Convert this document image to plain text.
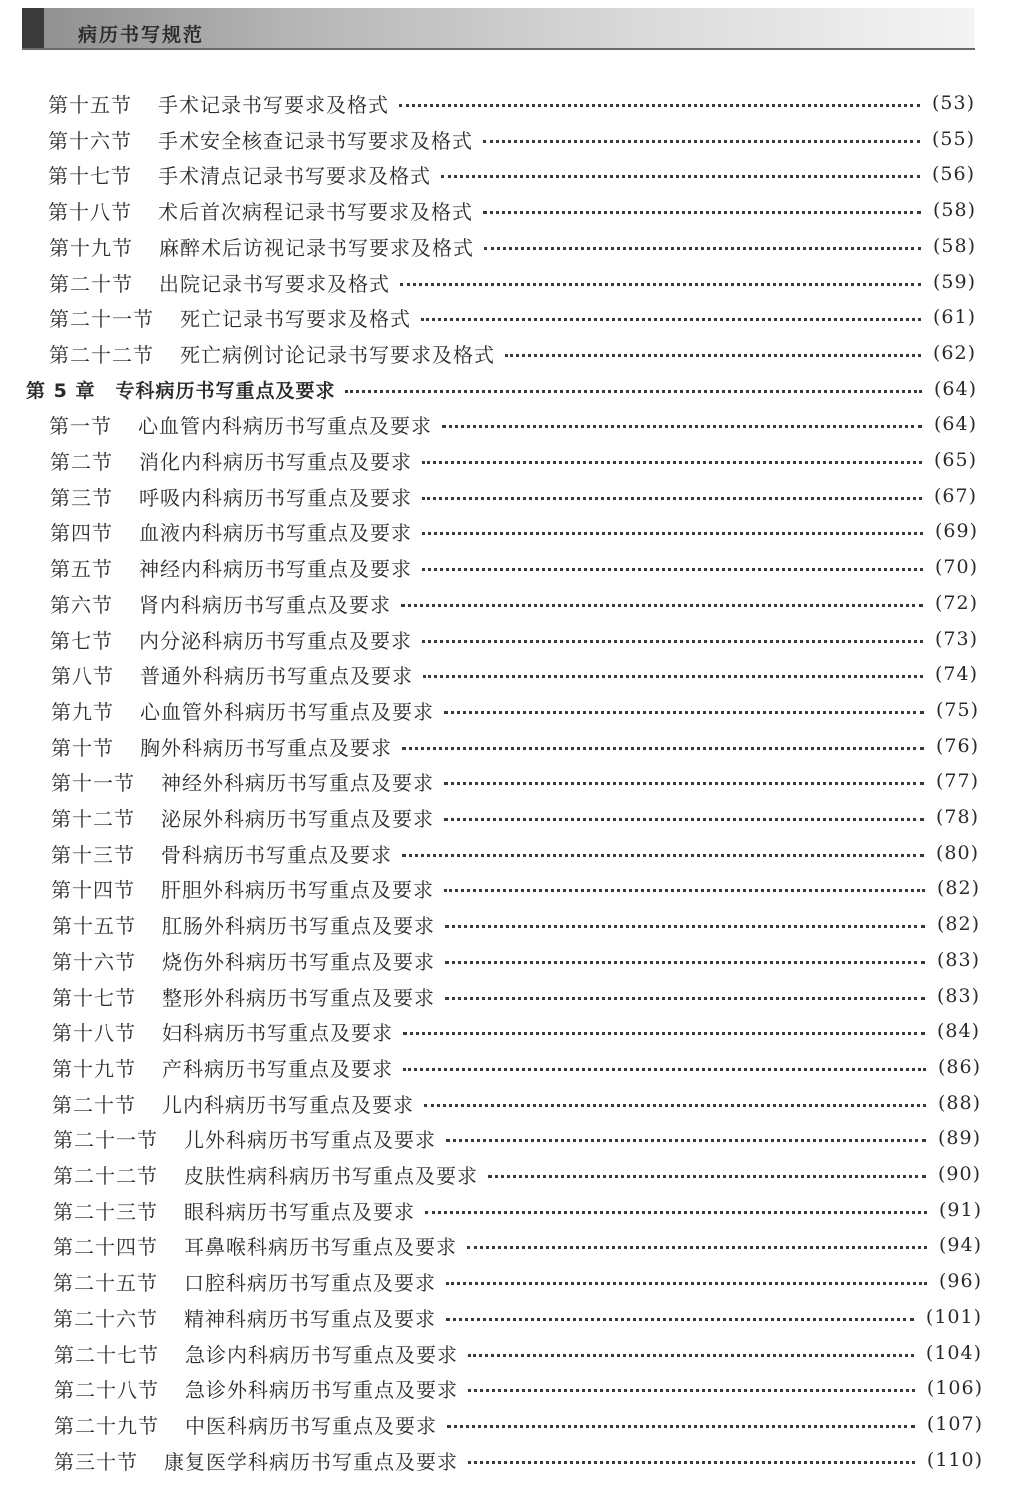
病历书写规范
第十五节 手术记录书写要求及格式	(53)
第十六节 手术安全核查记录书写要求及格式	(55)
第十七节 手术清点记录书写要求及格式	(56)
第十八节 术后首次病程记录书写要求及格式	(58)
第十九节 麻醉术后访视记录书写要求及格式	(58)
第二十节 出院记录书写要求及格式	(59)
第二十一节 死亡记录书写要求及格式	(61)
第二十二节 死亡病例讨论记录书写要求及格式	(62)
第 5 章 专科病历书写重点及要求	(64)
第一节 心血管内科病历书写重点及要求	(64)
第二节 消化内科病历书写重点及要求	(65)
第三节 呼吸内科病历书写重点及要求	(67)
第四节 血液内科病历书写重点及要求	(69)
第五节 神经内科病历书写重点及要求	(70)
第六节 肾内科病历书写重点及要求	(72)
第七节 内分泌科病历书写重点及要求	(73)
第八节 普通外科病历书写重点及要求	(74)
第九节 心血管外科病历书写重点及要求	(75)
第十节 胸外科病历书写重点及要求	(76)
第十一节 神经外科病历书写重点及要求	(77)
第十二节 泌尿外科病历书写重点及要求	(78)
第十三节 骨科病历书写重点及要求	(80)
第十四节 肝胆外科病历书写重点及要求	(82)
第十五节 肛肠外科病历书写重点及要求	(82)
第十六节 烧伤外科病历书写重点及要求	(83)
第十七节 整形外科病历书写重点及要求	(83)
第十八节 妇科病历书写重点及要求	(84)
第十九节 产科病历书写重点及要求	(86)
第二十节 儿内科病历书写重点及要求	(88)
第二十一节 儿外科病历书写重点及要求	(89)
第二十二节 皮肤性病科病历书写重点及要求	(90)
第二十三节 眼科病历书写重点及要求	(91)
第二十四节 耳鼻喉科病历书写重点及要求	(94)
第二十五节 口腔科病历书写重点及要求	(96)
第二十六节 精神科病历书写重点及要求	(101)
第二十七节 急诊内科病历书写重点及要求	(104)
第二十八节 急诊外科病历书写重点及要求	(106)
第二十九节 中医科病历书写重点及要求	(107)
第三十节 康复医学科病历书写重点及要求	(110)
